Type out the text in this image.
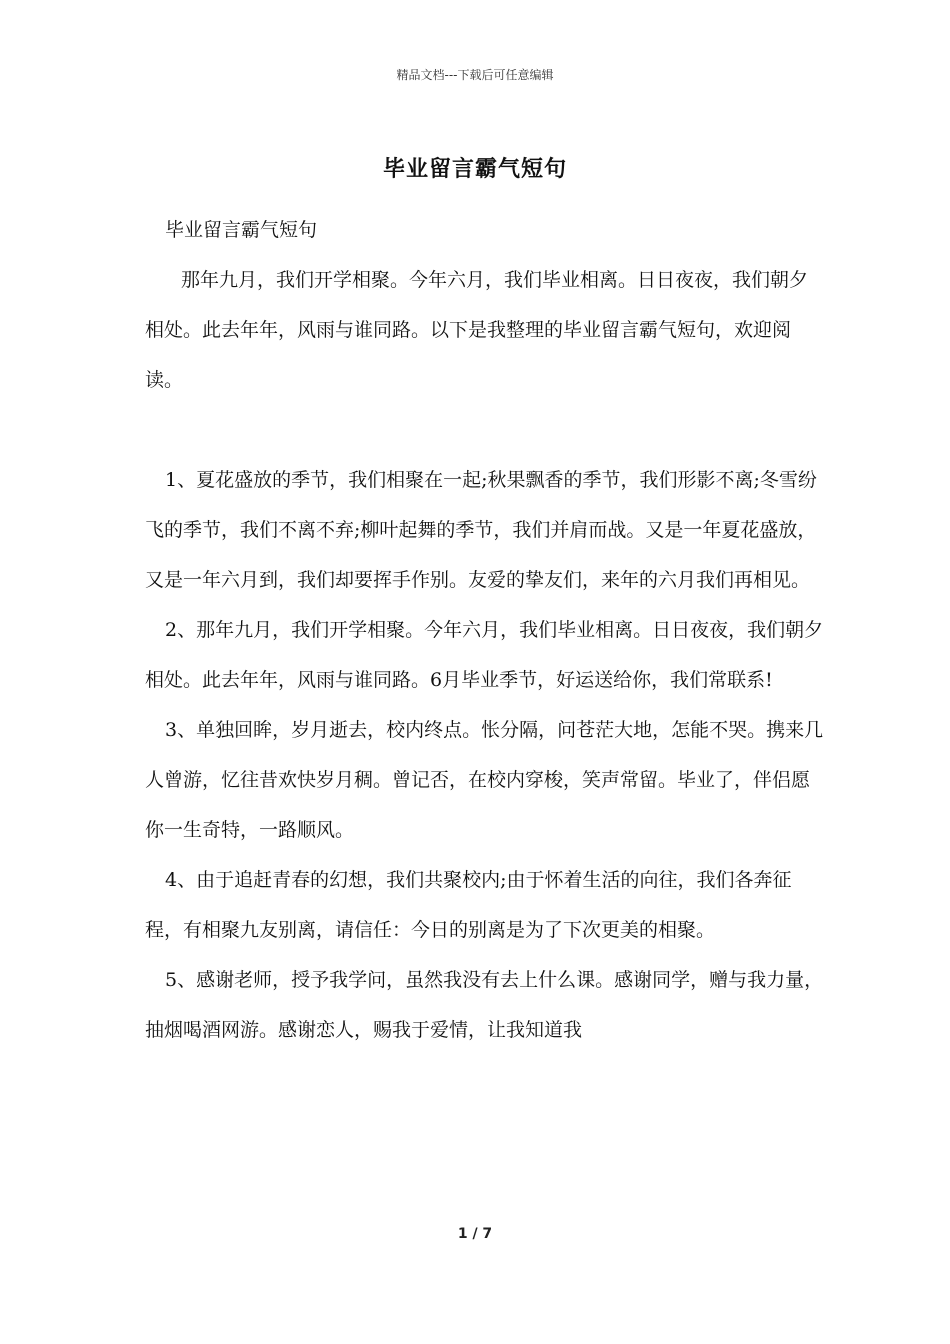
精品文档---下载后可任意编辑
毕业留言霸气短句

毕业留言霸气短句

那年九月，我们开学相聚。今年六月，我们毕业相离。日日夜夜，我们朝夕相处。此去年年，风雨与谁同路。以下是我整理的毕业留言霸气短句，欢迎阅读。

1、夏花盛放的季节，我们相聚在一起;秋果飘香的季节，我们形影不离;冬雪纷飞的季节，我们不离不弃;柳叶起舞的季节，我们并肩而战。又是一年夏花盛放，又是一年六月到，我们却要挥手作别。友爱的挚友们，来年的六月我们再相见。

2、那年九月，我们开学相聚。今年六月，我们毕业相离。日日夜夜，我们朝夕相处。此去年年，风雨与谁同路。6月毕业季节，好运送给你，我们常联系!

3、单独回眸，岁月逝去，校内终点。怅分隔，问苍茫大地，怎能不哭。携来几人曾游，忆往昔欢快岁月稠。曾记否，在校内穿梭，笑声常留。毕业了，伴侣愿你一生奇特，一路顺风。

4、由于追赶青春的幻想，我们共聚校内;由于怀着生活的向往，我们各奔征程，有相聚九友别离，请信任：今日的别离是为了下次更美的相聚。

5、感谢老师，授予我学问，虽然我没有去上什么课。感谢同学，赠与我力量，抽烟喝酒网游。感谢恋人，赐我于爱情，让我知道我

1 / 7
